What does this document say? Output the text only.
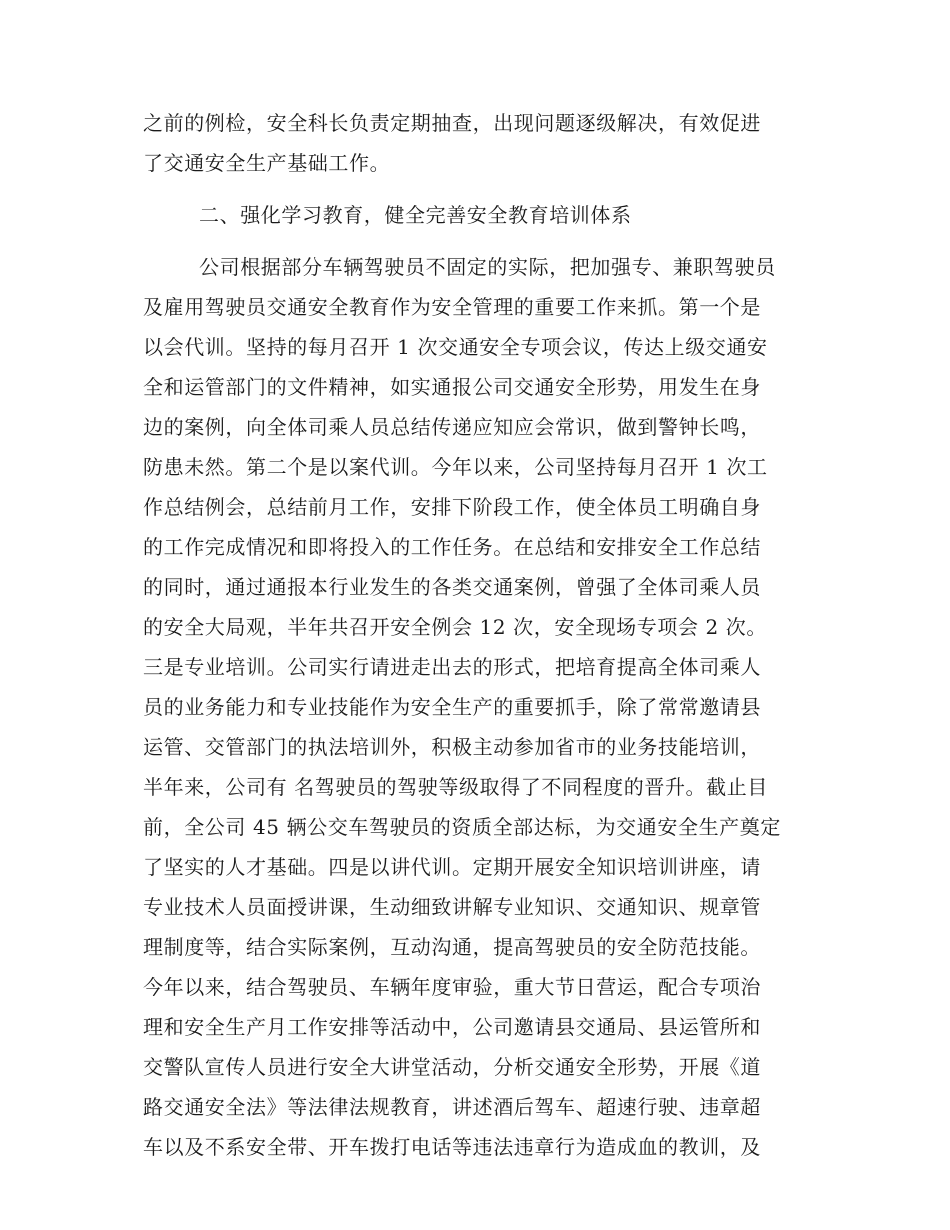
之前的例检，安全科长负责定期抽查，出现问题逐级解决，有效促进
了交通安全生产基础工作。
二、强化学习教育，健全完善安全教育培训体系
公司根据部分车辆驾驶员不固定的实际，把加强专、兼职驾驶员
及雇用驾驶员交通安全教育作为安全管理的重要工作来抓。第一个是
以会代训。坚持的每月召开 1 次交通安全专项会议，传达上级交通安
全和运管部门的文件精神，如实通报公司交通安全形势，用发生在身
边的案例，向全体司乘人员总结传递应知应会常识，做到警钟长鸣，
防患未然。第二个是以案代训。今年以来，公司坚持每月召开 1 次工
作总结例会，总结前月工作，安排下阶段工作，使全体员工明确自身
的工作完成情况和即将投入的工作任务。在总结和安排安全工作总结
的同时，通过通报本行业发生的各类交通案例，曾强了全体司乘人员
的安全大局观，半年共召开安全例会 12 次，安全现场专项会 2 次。
三是专业培训。公司实行请进走出去的形式，把培育提高全体司乘人
员的业务能力和专业技能作为安全生产的重要抓手，除了常常邀请县
运管、交管部门的执法培训外，积极主动参加省市的业务技能培训，
半年来，公司有 名驾驶员的驾驶等级取得了不同程度的晋升。截止目
前，全公司 45 辆公交车驾驶员的资质全部达标，为交通安全生产奠定
了坚实的人才基础。四是以讲代训。定期开展安全知识培训讲座，请
专业技术人员面授讲课，生动细致讲解专业知识、交通知识、规章管
理制度等，结合实际案例，互动沟通，提高驾驶员的安全防范技能。
今年以来，结合驾驶员、车辆年度审验，重大节日营运，配合专项治
理和安全生产月工作安排等活动中，公司邀请县交通局、县运管所和
交警队宣传人员进行安全大讲堂活动，分析交通安全形势，开展《道
路交通安全法》等法律法规教育，讲述酒后驾车、超速行驶、违章超
车以及不系安全带、开车拨打电话等违法违章行为造成血的教训，及
